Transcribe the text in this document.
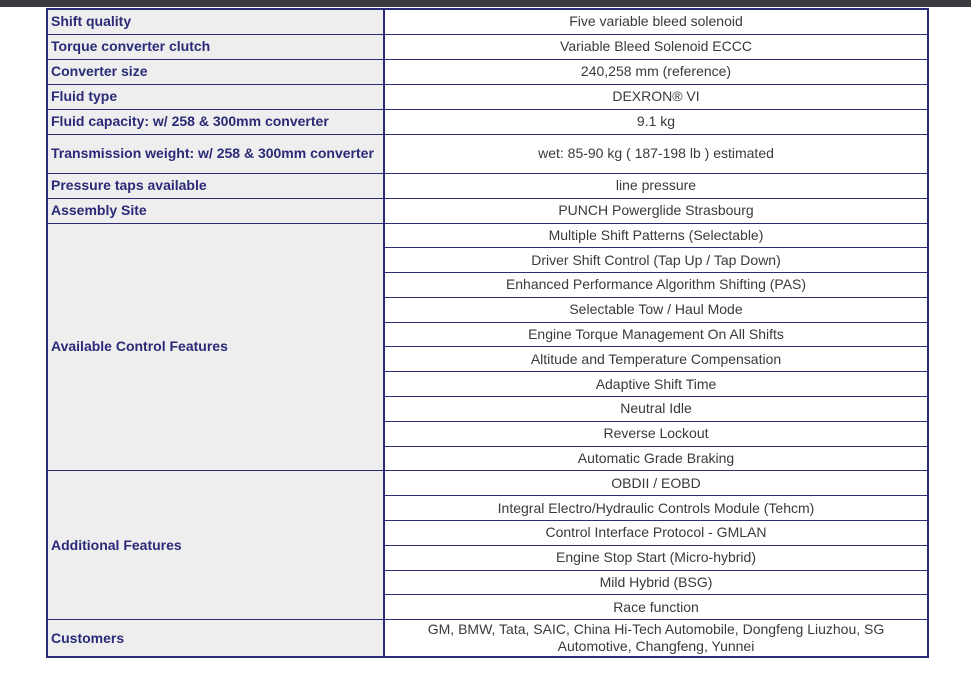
Shift quality	Five variable bleed solenoid
Torque converter clutch	Variable Bleed Solenoid ECCC
Converter size	240,258 mm (reference)
Fluid type	DEXRON® VI
Fluid capacity: w/ 258 & 300mm converter	9.1 kg
Transmission weight: w/ 258 & 300mm converter	wet: 85-90 kg ( 187-198 lb ) estimated
Pressure taps available	line pressure
Assembly Site	PUNCH Powerglide Strasbourg
Available Control Features	Multiple Shift Patterns (Selectable)
	Driver Shift Control (Tap Up / Tap Down)
	Enhanced Performance Algorithm Shifting (PAS)
	Selectable Tow / Haul Mode
	Engine Torque Management On All Shifts
	Altitude and Temperature Compensation
	Adaptive Shift Time
	Neutral Idle
	Reverse Lockout
	Automatic Grade Braking
Additional Features	OBDII / EOBD
	Integral Electro/Hydraulic Controls Module (Tehcm)
	Control Interface Protocol - GMLAN
	Engine Stop Start (Micro-hybrid)
	Mild Hybrid (BSG)
	Race function
Customers	GM, BMW, Tata, SAIC, China Hi-Tech Automobile, Dongfeng Liuzhou, SG Automotive, Changfeng, Yunnei
